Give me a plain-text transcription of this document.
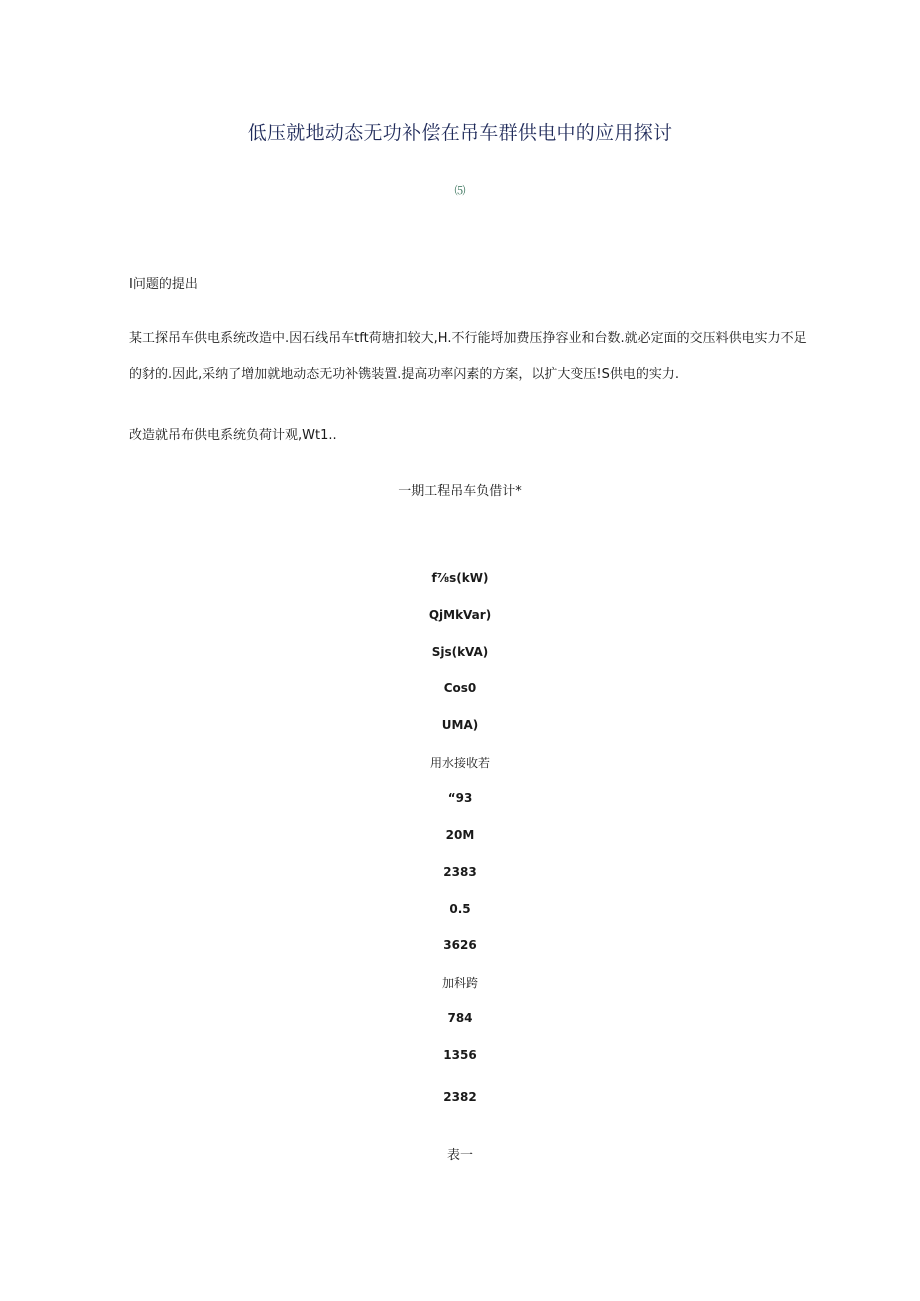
低压就地动态无功补偿在吊车群供电中的应用探讨
⑸
I问题的提出
某工探吊车供电系统改造中.因石线吊车tft荷塘扣较大,H.不行能埒加费压挣容业和台数.就必定面的交压料供电实力不足的豺的.因此,采纳了增加就地动态无功补镌装置.提高功率闪素的方案，以扩大变压!S供电的实力.
改造就吊布供电系统负荷计观,Wt1..
一期工程吊车负借计*
f⅞s(kW)
QjMkVar)
Sjs(kVA)
Cos0
UMA)
用水接收若
“93
20M
2383
0.5
3626
加科跨
784
1356
2382
表一
